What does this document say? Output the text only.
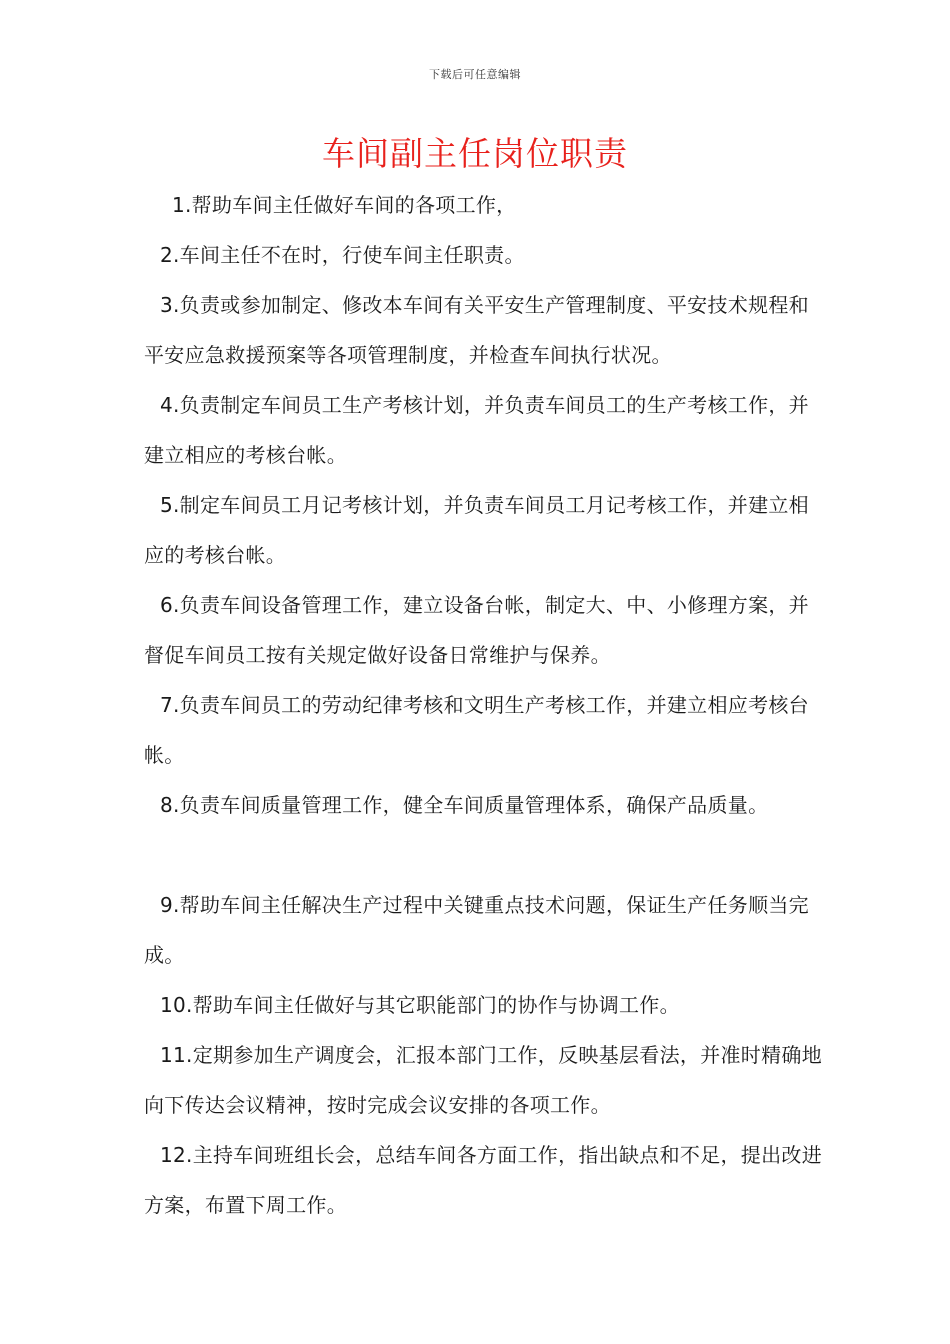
下载后可任意编辑
车间副主任岗位职责

1.帮助车间主任做好车间的各项工作，

2.车间主任不在时，行使车间主任职责。

3.负责或参加制定、修改本车间有关平安生产管理制度、平安技术规程和平安应急救援预案等各项管理制度，并检查车间执行状况。

4.负责制定车间员工生产考核计划，并负责车间员工的生产考核工作，并建立相应的考核台帐。

5.制定车间员工月记考核计划，并负责车间员工月记考核工作，并建立相应的考核台帐。

6.负责车间设备管理工作，建立设备台帐，制定大、中、小修理方案，并督促车间员工按有关规定做好设备日常维护与保养。

7.负责车间员工的劳动纪律考核和文明生产考核工作，并建立相应考核台帐。

8.负责车间质量管理工作，健全车间质量管理体系，确保产品质量。

9.帮助车间主任解决生产过程中关键重点技术问题，保证生产任务顺当完成。

10.帮助车间主任做好与其它职能部门的协作与协调工作。

11.定期参加生产调度会，汇报本部门工作，反映基层看法，并准时精确地向下传达会议精神，按时完成会议安排的各项工作。

12.主持车间班组长会，总结车间各方面工作，指出缺点和不足，提出改进方案，布置下周工作。
